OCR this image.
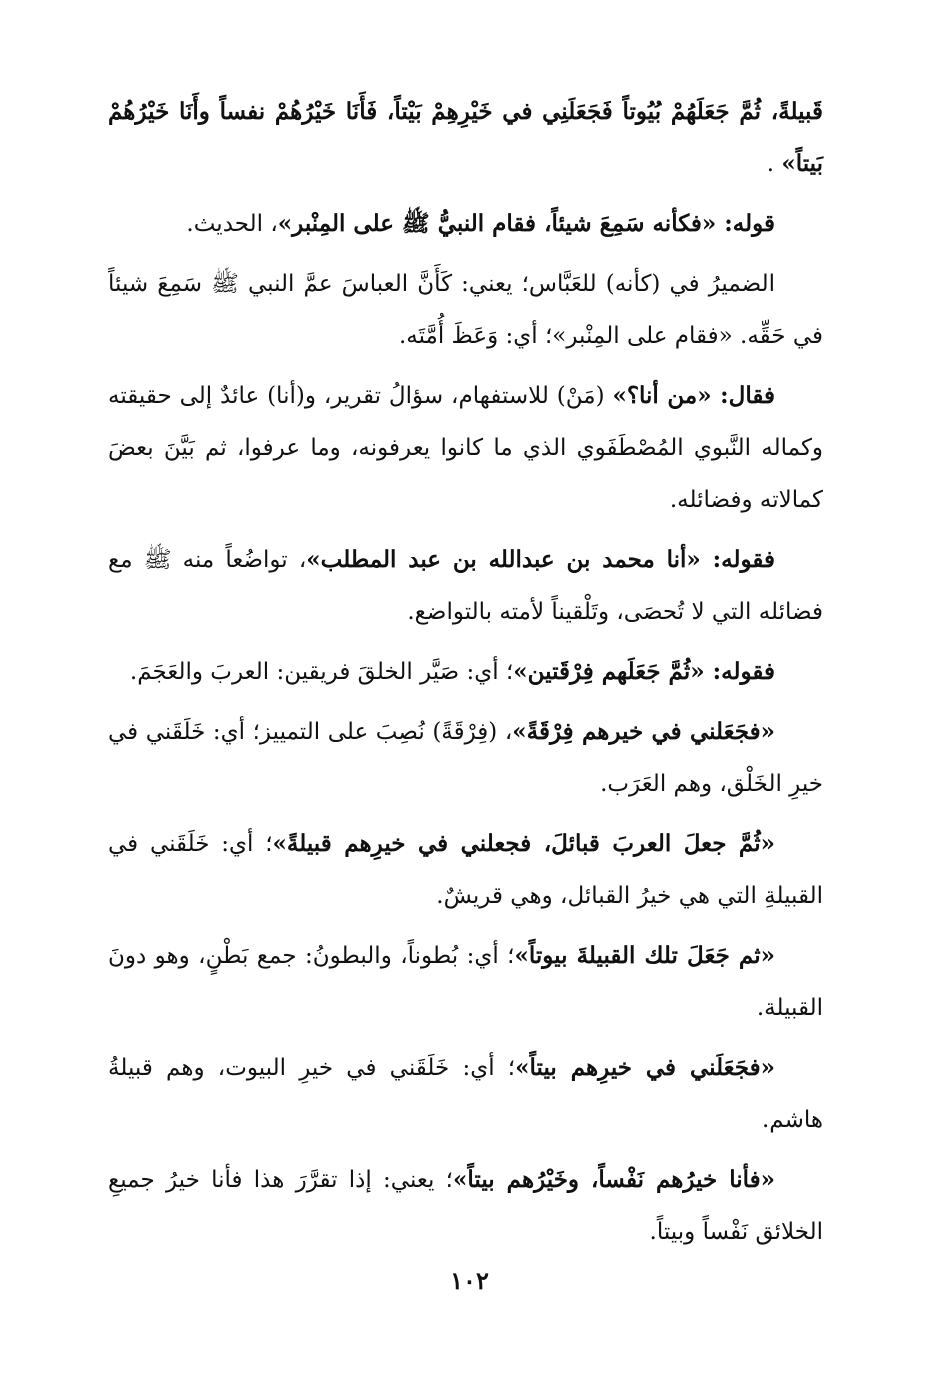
قَبيلةً، ثُمَّ جَعَلَهُمْ بُيُوتاً فَجَعَلَنِي في خَيْرِهِمْ بَيْتاً، فَأَنَا خَيْرُهُمْ نفساً وأَنَا خَيْرُهُمْ بَيتاً» .

قوله: «فكأنه سَمِعَ شيئاً، فقام النبيُّ ﷺ على المِنْبر»، الحديث.

الضميرُ في (كأنه) للعَبَّاس؛ يعني: كَأَنَّ العباسَ عمَّ النبي ﷺ سَمِعَ شيئاً في حَقِّه. «فقام على المِنْبر»؛ أي: وَعَظَ أُمَّتَه.

فقال: «من أنا؟» (مَنْ) للاستفهام، سؤالُ تقرير، و(أنا) عائدٌ إلى حقيقته وكماله النَّبوي المُصْطَفَوي الذي ما كانوا يعرفونه، وما عرفوا، ثم بَيَّنَ بعضَ كمالاته وفضائله.

فقوله: «أنا محمد بن عبدالله بن عبد المطلب»، تواضُعاً منه ﷺ مع فضائله التي لا تُحصَى، وتَلْقيناً لأمته بالتواضع.

فقوله: «ثُمَّ جَعَلَهم فِرْقَتين»؛ أي: صَيَّر الخلقَ فريقين: العربَ والعَجَمَ.

«فجَعَلني في خيرهم فِرْقَةً»، (فِرْقَةً) نُصِبَ على التمييز؛ أي: خَلَقَني في خيرِ الخَلْق، وهم العَرَب.

«ثُمَّ جعلَ العربَ قبائلَ، فجعلني في خيرِهم قبيلةً»؛ أي: خَلَقَني في القبيلةِ التي هي خيرُ القبائل، وهي قريشٌ.

«ثم جَعَلَ تلك القبيلةَ بيوتاً»؛ أي: بُطوناً، والبطونُ: جمع بَطْنٍ، وهو دونَ القبيلة.

«فجَعَلَني في خيرِهم بيتاً»؛ أي: خَلَقَني في خيرِ البيوت، وهم قبيلةُ هاشم.

«فأنا خيرُهم نَفْساً، وخَيْرُهم بيتاً»؛ يعني: إذا تقرَّرَ هذا فأنا خيرُ جميعِ الخلائق نَفْساً وبيتاً.

١٠٢
